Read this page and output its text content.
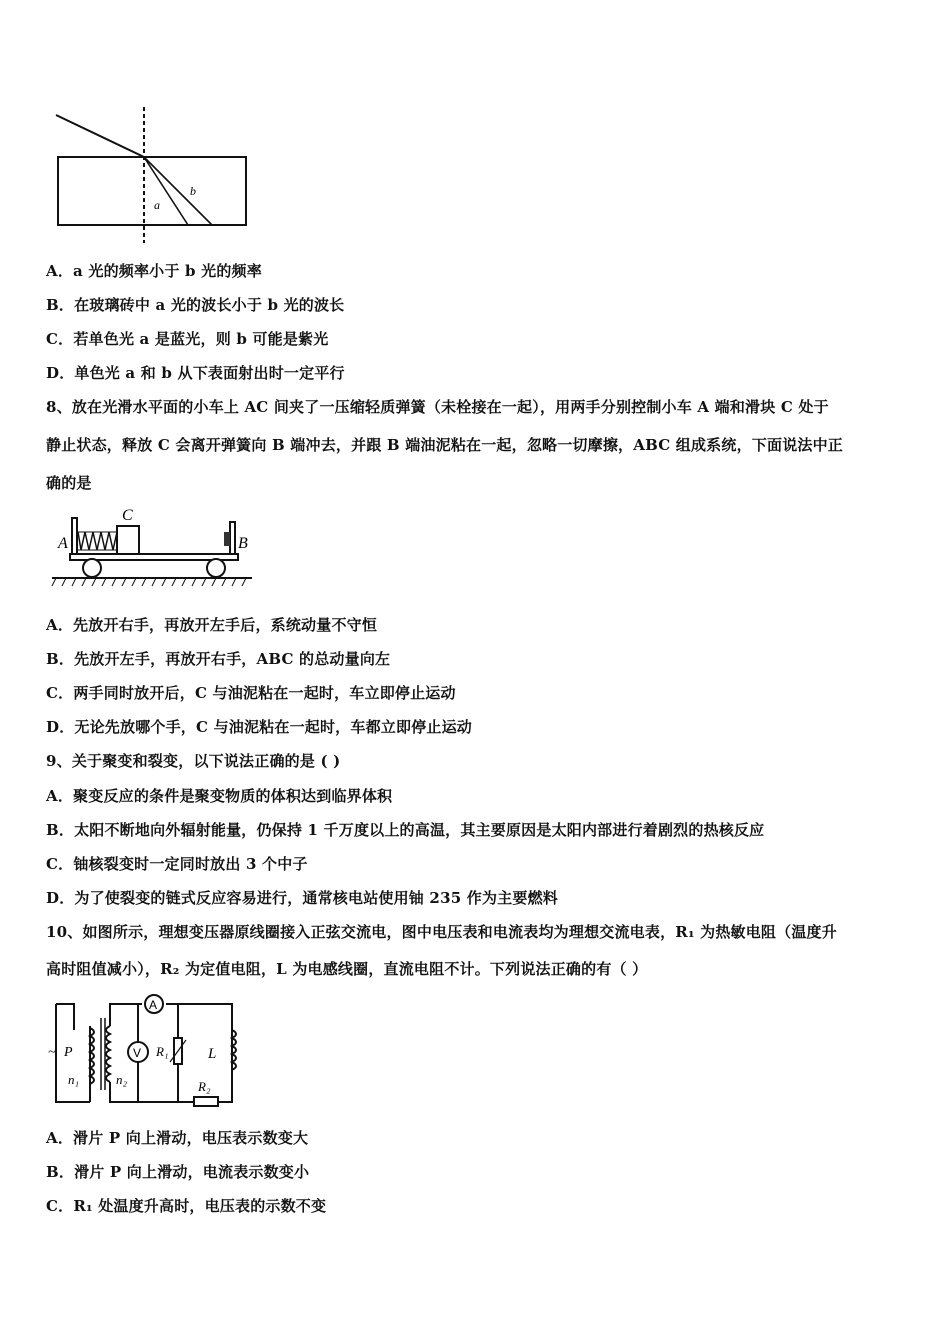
a
b
A．a 光的频率小于 b 光的频率
B．在玻璃砖中 a 光的波长小于 b 光的波长
C．若单色光 a 是蓝光，则 b 可能是紫光
D．单色光 a 和 b 从下表面射出时一定平行
8、放在光滑水平面的小车上 AC 间夹了一压缩轻质弹簧（未栓接在一起），用两手分别控制小车 A 端和滑块 C 处于
静止状态，释放 C 会离开弹簧向 B 端冲去，并跟 B 端油泥粘在一起，忽略一切摩擦，ABC 组成系统，下面说法中正
确的是
A	B
C
A．先放开右手，再放开左手后，系统动量不守恒
B．先放开左手，再放开右手，ABC 的总动量向左
C．两手同时放开后，C 与油泥粘在一起时，车立即停止运动
D．无论先放哪个手，C 与油泥粘在一起时，车都立即停止运动
9、关于聚变和裂变，以下说法正确的是 ( )
A．聚变反应的条件是聚变物质的体积达到临界体积
B．太阳不断地向外辐射能量，仍保持 1 千万度以上的高温，其主要原因是太阳内部进行着剧烈的热核反应
C．铀核裂变时一定同时放出 3 个中子
D．为了使裂变的链式反应容易进行，通常核电站使用铀 235 作为主要燃料
10、如图所示，理想变压器原线圈接入正弦交流电，图中电压表和电流表均为理想交流电表，R₁ 为热敏电阻（温度升
高时阻值减小），R₂ 为定值电阻，L 为电感线圈，直流电阻不计。下列说法正确的有（ ）
A
V
~ P
n₁	n₂
R₁	L
R₂
A．滑片 P 向上滑动，电压表示数变大
B．滑片 P 向上滑动，电流表示数变小
C．R₁ 处温度升高时，电压表的示数不变
